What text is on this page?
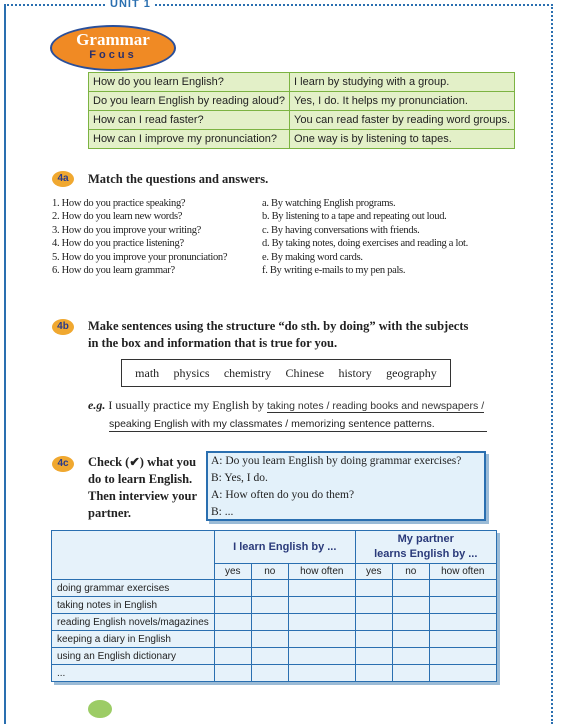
UNIT 1
Grammar
Focus
How do you learn English?	I learn by studying with a group.
Do you learn English by reading aloud?	Yes, I do. It helps my pronunciation.
How can I read faster?	You can read faster by reading word groups.
How can I improve my pronunciation?	One way is by listening to tapes.
4a	Match the questions and answers.
1. How do you practice speaking?
2. How do you learn new words?
3. How do you improve your writing?
4. How do you practice listening?
5. How do you improve your pronunciation?
6. How do you learn grammar?
a. By watching English programs.
b. By listening to a tape and repeating out loud.
c. By having conversations with friends.
d. By taking notes, doing exercises and reading a lot.
e. By making word cards.
f. By writing e-mails to my pen pals.
4b	Make sentences using the structure “do sth. by doing” with the subjects
in the box and information that is true for you.
math physics chemistry Chinese history geography
e.g. I usually practice my English by taking notes / reading books and newspapers /
speaking English with my classmates / memorizing sentence patterns.
4c	Check (✔) what you
do to learn English.
Then interview your
partner.
A: Do you learn English by doing grammar exercises?
B: Yes, I do.
A: How often do you do them?
B: ...
	I learn English by ...			My partner
learns English by ...		

	yes	no	how often	yes	no	how often
doing grammar exercises						
taking notes in English						
reading English novels/magazines						
keeping a diary in English						
using an English dictionary						
...						
